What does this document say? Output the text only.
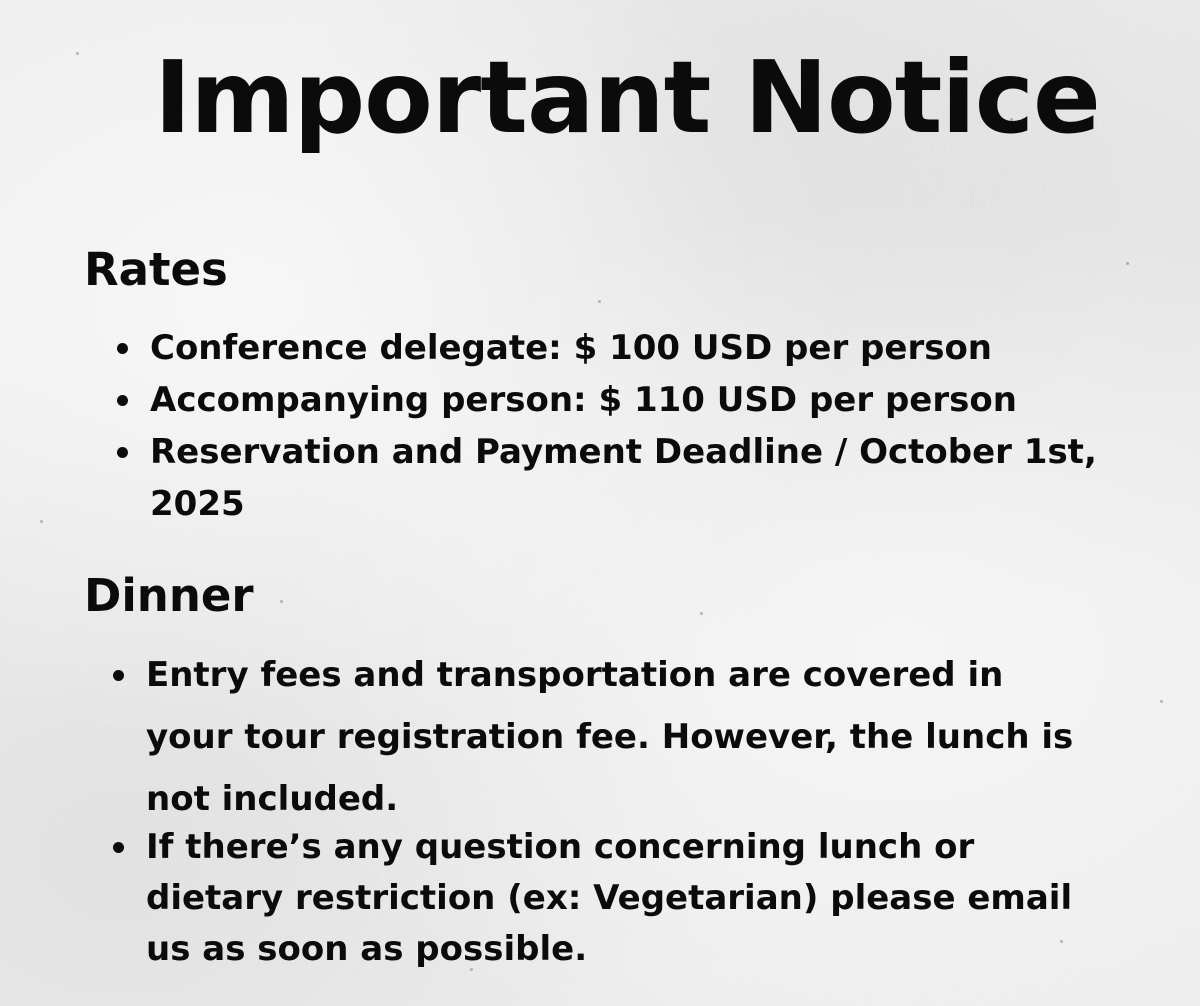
Important Notice
Rates
Conference delegate: $ 100 USD per person
Accompanying person: $ 110 USD per person
Reservation and Payment Deadline / October 1st, 2025
Dinner
Entry fees and transportation are covered in your tour registration fee. However, the lunch is not included.
If there’s any question concerning lunch or dietary restriction (ex: Vegetarian) please email us as soon as possible.
